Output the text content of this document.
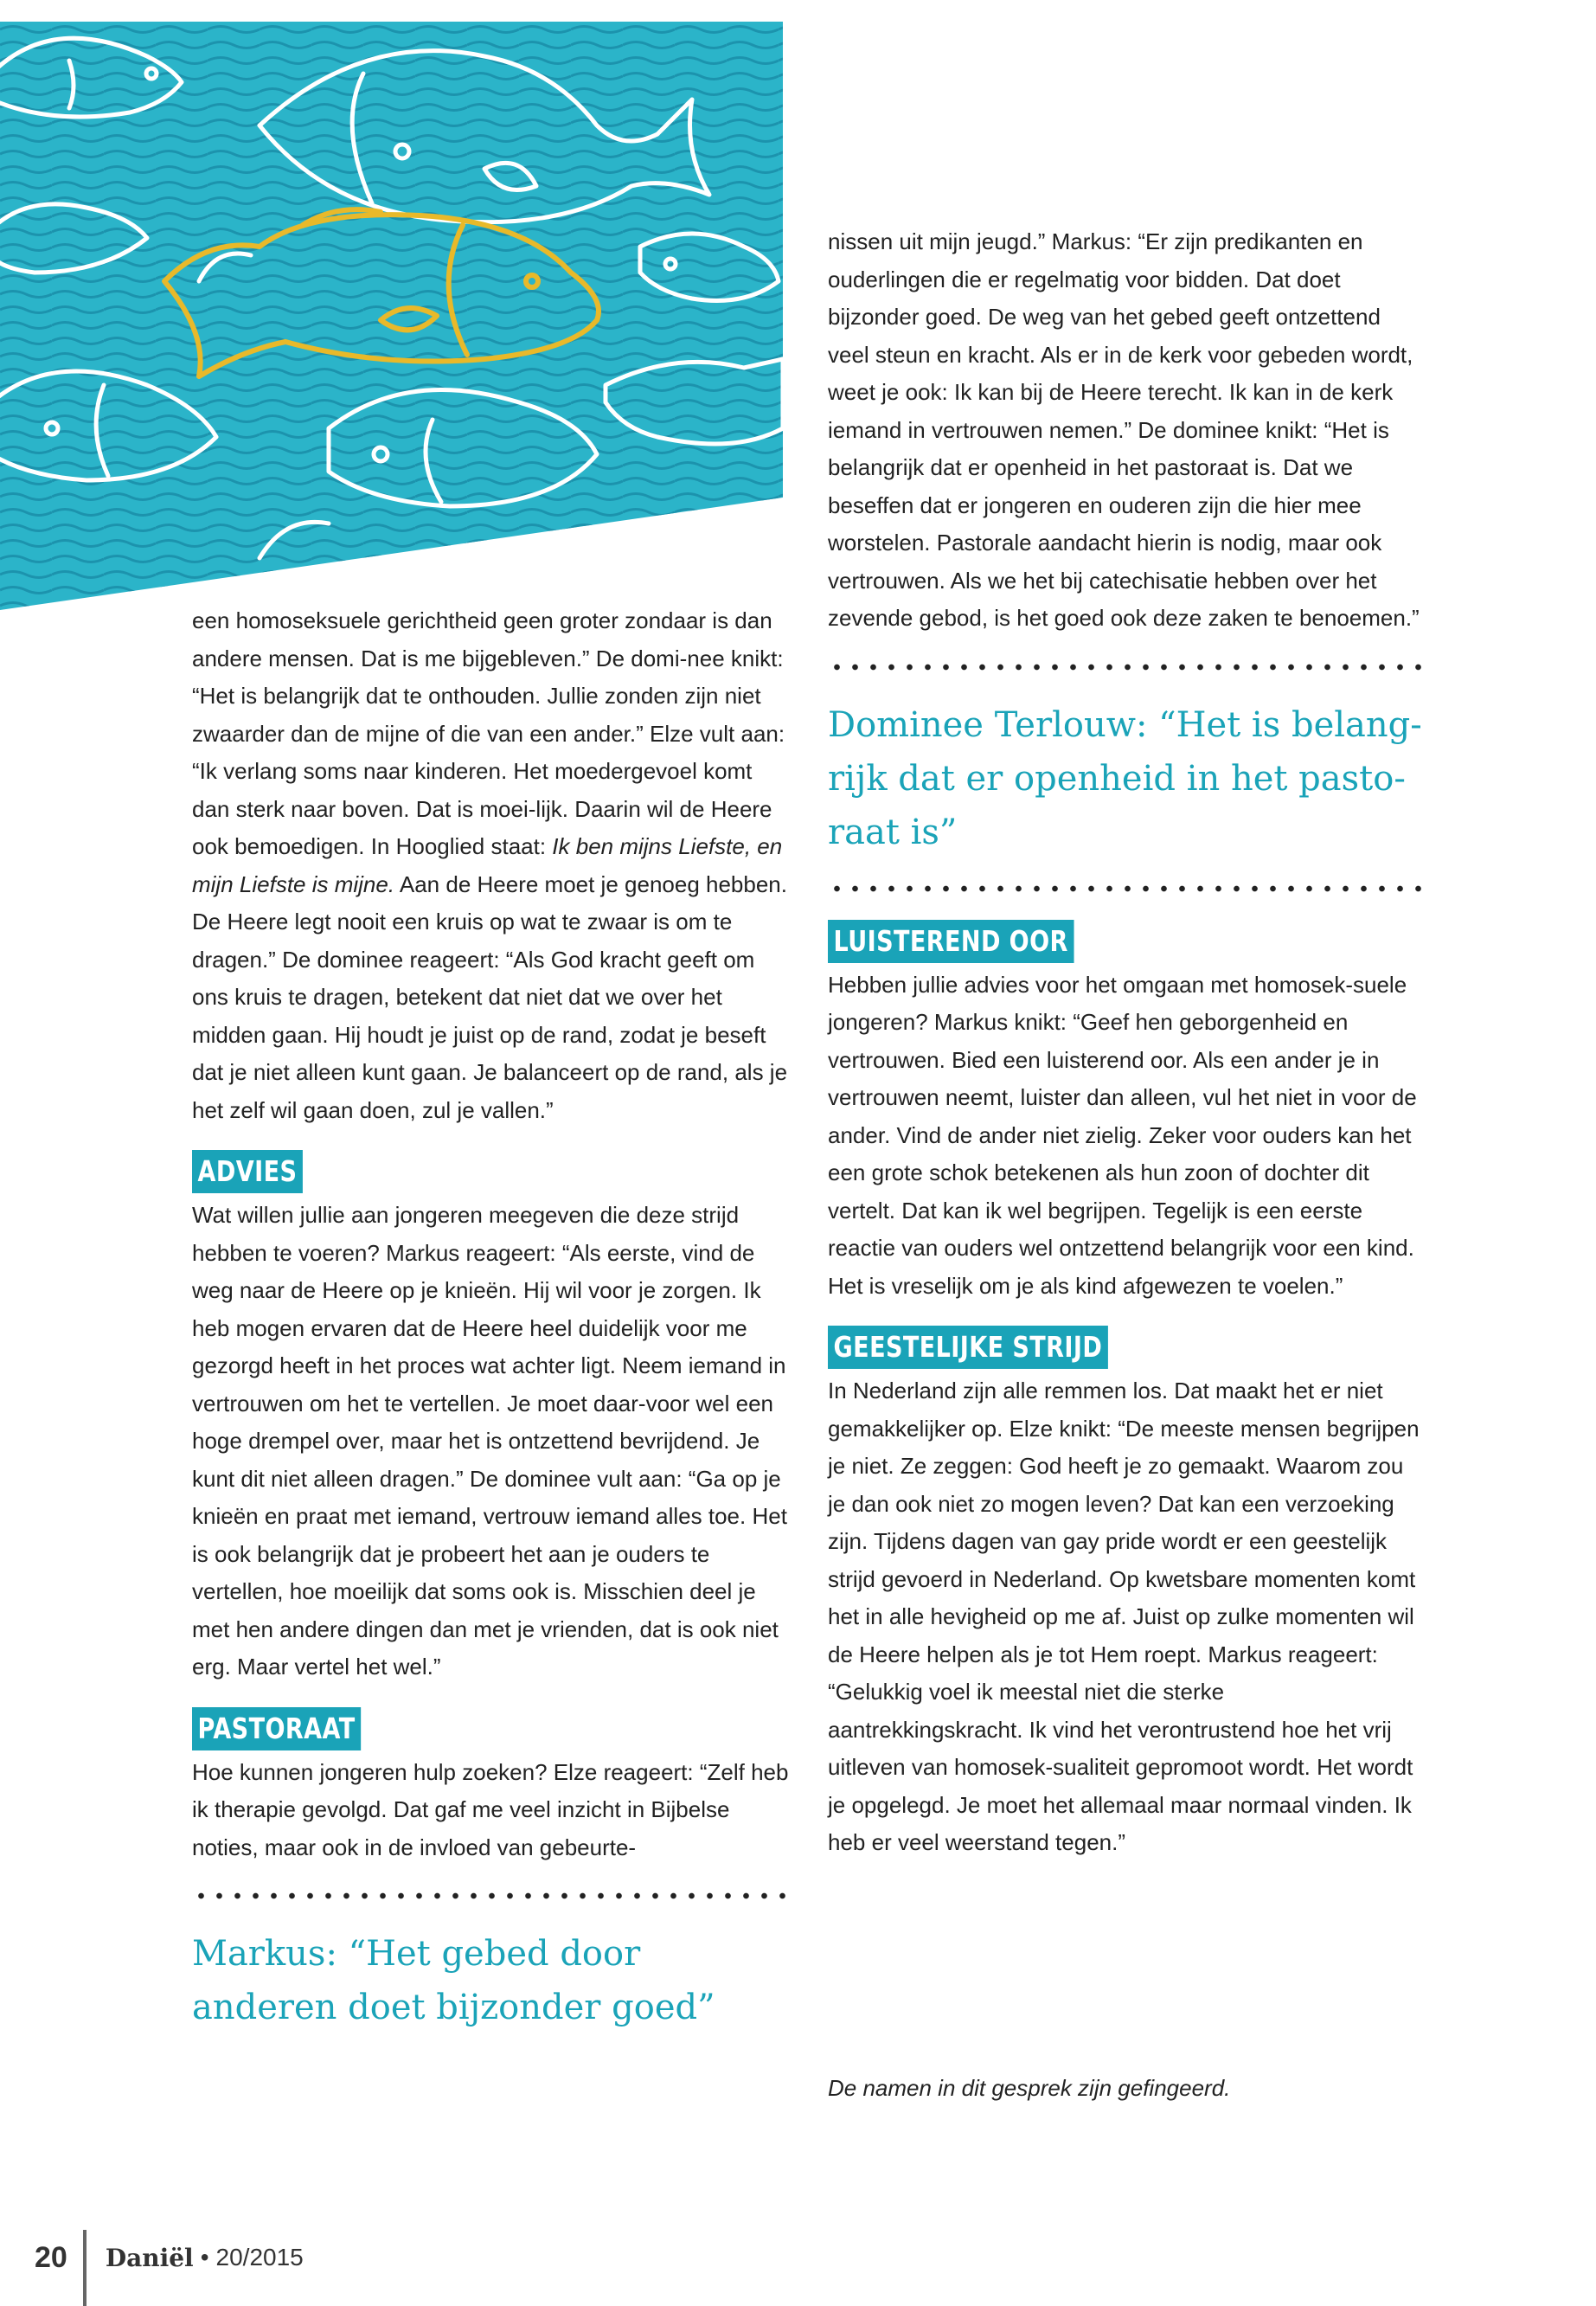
een homoseksuele gerichtheid geen groter zondaar is dan andere mensen. Dat is me bijgebleven.” De domi-nee knikt: “Het is belangrijk dat te onthouden. Jullie zonden zijn niet zwaarder dan de mijne of die van een ander.” Elze vult aan: “Ik verlang soms naar kinderen. Het moedergevoel komt dan sterk naar boven. Dat is moei-lijk. Daarin wil de Heere ook bemoedigen. In Hooglied staat: Ik ben mijns Liefste, en mijn Liefste is mijne. Aan de Heere moet je genoeg hebben. De Heere legt nooit een kruis op wat te zwaar is om te dragen.” De dominee reageert: “Als God kracht geeft om ons kruis te dragen, betekent dat niet dat we over het midden gaan. Hij houdt je juist op de rand, zodat je beseft dat je niet alleen kunt gaan. Je balanceert op de rand, als je het zelf wil gaan doen, zul je vallen.”

ADVIES

Wat willen jullie aan jongeren meegeven die deze strijd hebben te voeren? Markus reageert: “Als eerste, vind de weg naar de Heere op je knieën. Hij wil voor je zorgen. Ik heb mogen ervaren dat de Heere heel duidelijk voor me gezorgd heeft in het proces wat achter ligt. Neem iemand in vertrouwen om het te vertellen. Je moet daar-voor wel een hoge drempel over, maar het is ontzettend bevrijdend. Je kunt dit niet alleen dragen.” De dominee vult aan: “Ga op je knieën en praat met iemand, vertrouw iemand alles toe. Het is ook belangrijk dat je probeert het aan je ouders te vertellen, hoe moeilijk dat soms ook is. Misschien deel je met hen andere dingen dan met je vrienden, dat is ook niet erg. Maar vertel het wel.”

PASTORAAT

Hoe kunnen jongeren hulp zoeken? Elze reageert: “Zelf heb ik therapie gevolgd. Dat gaf me veel inzicht in Bijbelse noties, maar ook in de invloed van gebeurte-

Markus: “Het gebed door anderen doet bijzonder goed”

nissen uit mijn jeugd.” Markus: “Er zijn predikanten en ouderlingen die er regelmatig voor bidden. Dat doet bijzonder goed. De weg van het gebed geeft ontzettend veel steun en kracht. Als er in de kerk voor gebeden wordt, weet je ook: Ik kan bij de Heere terecht. Ik kan in de kerk iemand in vertrouwen nemen.” De dominee knikt: “Het is belangrijk dat er openheid in het pastoraat is. Dat we beseffen dat er jongeren en ouderen zijn die hier mee worstelen. Pastorale aandacht hierin is nodig, maar ook vertrouwen. Als we het bij catechisatie hebben over het zevende gebod, is het goed ook deze zaken te benoemen.”

Dominee Terlouw: “Het is belang-rijk dat er openheid in het pasto-raat is”

LUISTEREND OOR

Hebben jullie advies voor het omgaan met homosek-suele jongeren? Markus knikt: “Geef hen geborgenheid en vertrouwen. Bied een luisterend oor. Als een ander je in vertrouwen neemt, luister dan alleen, vul het niet in voor de ander. Vind de ander niet zielig. Zeker voor ouders kan het een grote schok betekenen als hun zoon of dochter dit vertelt. Dat kan ik wel begrijpen. Tegelijk is een eerste reactie van ouders wel ontzettend belangrijk voor een kind. Het is vreselijk om je als kind afgewezen te voelen.”

GEESTELIJKE STRIJD

In Nederland zijn alle remmen los. Dat maakt het er niet gemakkelijker op. Elze knikt: “De meeste mensen begrijpen je niet. Ze zeggen: God heeft je zo gemaakt. Waarom zou je dan ook niet zo mogen leven? Dat kan een verzoeking zijn. Tijdens dagen van gay pride wordt er een geestelijk strijd gevoerd in Nederland. Op kwetsbare momenten komt het in alle hevigheid op me af. Juist op zulke momenten wil de Heere helpen als je tot Hem roept. Markus reageert: “Gelukkig voel ik meestal niet die sterke aantrekkingskracht. Ik vind het verontrustend hoe het vrij uitleven van homosek-sualiteit gepromoot wordt. Het wordt je opgelegd. Je moet het allemaal maar normaal vinden. Ik heb er veel weerstand tegen.”

De namen in dit gesprek zijn gefingeerd.
20 Daniël • 20/2015
